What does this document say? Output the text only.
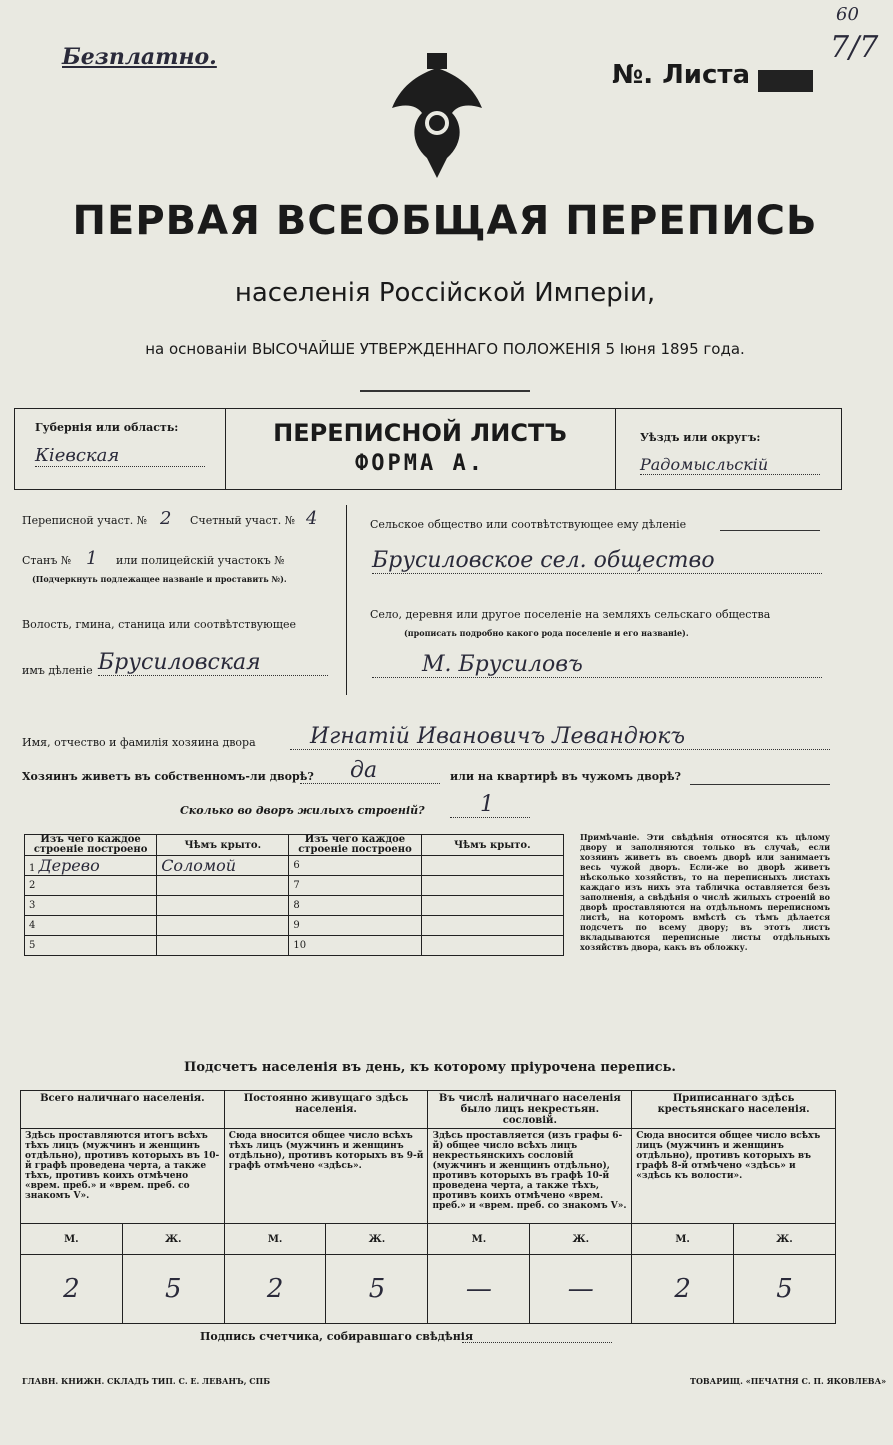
Безплатно.
№. Листа
60
7/7
ПЕРВАЯ ВСЕОБЩАЯ ПЕРЕПИСЬ
населенія Россійской Имперіи,
на основаніи ВЫСОЧАЙШЕ УТВЕРЖДЕННАГО ПОЛОЖЕНІЯ 5 Іюня 1895 года.
Губернія или область:
Кіевская
ПЕРЕПИСНОЙ ЛИСТЪ
ФОРМА А.
Уѣздъ или округъ:
Радомысльскій
Переписной участ. № 2 Счетный участ. № 4
Станъ № 1 или полицейскій участокъ №
(Подчеркнуть подлежащее названіе и проставить №).
Волость, гмина, станица или соотвѣтствующее
имъ дѣленіе Брусиловская
Сельское общество или соотвѣтствующее ему дѣленіе
Брусиловское сел. общество
Село, деревня или другое поселеніе на земляхъ сельскаго общества
(прописать подробно какого рода поселеніе и его названіе).
М. Брусиловъ
Имя, отчество и фамилія хозяина двора	Игнатій Ивановичъ Левандюкъ
Хозяинъ живетъ въ собственномъ-ли дворѣ?	да	или на квартирѣ въ чужомъ дворѣ?
Сколько во дворъ жилыхъ строеній?	1
Изъ чего каждое строеніе построено	Чѣмъ крыто.	Изъ чего каждое строеніе построено	Чѣмъ крыто.
1 Дерево	Соломой	6	
2		7	
3		8	
4		9	
5		10	
Примѣчаніе. Эти свѣдѣнія относятся къ цѣлому двору и заполняются только въ случаѣ, если хозяинъ живетъ въ своемъ дворѣ или занимаетъ весь чужой дворъ. Если-же во дворѣ живетъ нѣсколько хозяйствъ, то на переписныхъ листахъ каждаго изъ нихъ эта табличка оставляется безъ заполненія, а свѣдѣнія о числѣ жилыхъ строеній во дворѣ проставляются на отдѣльномъ переписномъ листѣ, на которомъ вмѣстѣ съ тѣмъ дѣлается подсчетъ по всему двору; въ этотъ листъ вкладываются переписные листы отдѣльныхъ хозяйствъ двора, какъ въ обложку.
Подсчетъ населенія въ день, къ которому пріурочена перепись.
Всего наличнаго населенія.		Постоянно живущаго здѣсь населенія.		Въ числѣ наличнаго населенія было лицъ некрестьян. сословій.		Приписаннаго здѣсь крестьянскаго населенія.	
Здѣсь проставляются итогъ всѣхъ тѣхъ лицъ (мужчинъ и женщинъ отдѣльно), противъ которыхъ въ 10-й графѣ проведена черта, а также тѣхъ, противъ коихъ отмѣчено «врем. преб.» и «врем. преб. со знакомъ V».		Сюда вносится общее число всѣхъ тѣхъ лицъ (мужчинъ и женщинъ отдѣльно), противъ которыхъ въ 9-й графѣ отмѣчено «здѣсь».		Здѣсь проставляется (изъ графы 6-й) общее число всѣхъ лицъ некрестьянскихъ сословій (мужчинъ и женщинъ отдѣльно), противъ которыхъ въ графѣ 10-й проведена черта, а также тѣхъ, противъ коихъ отмѣчено «врем. преб.» и «врем. преб. со знакомъ V».		Сюда вносится общее число всѣхъ лицъ (мужчинъ и женщинъ отдѣльно), противъ которыхъ въ графѣ 8-й отмѣчено «здѣсь» и «здѣсь къ волости».	
М.	Ж.	М.	Ж.	М.	Ж.	М.	Ж.
2	5	2	5	—	—	2	5
Подпись счетчика, собиравшаго свѣдѣнія
ГЛАВН. КНИЖН. СКЛАДЪ ТИП. С. Е. ЛЕВАНЪ, СПБ	ТОВАРИЩ. «ПЕЧАТНЯ С. П. ЯКОВЛЕВА»
